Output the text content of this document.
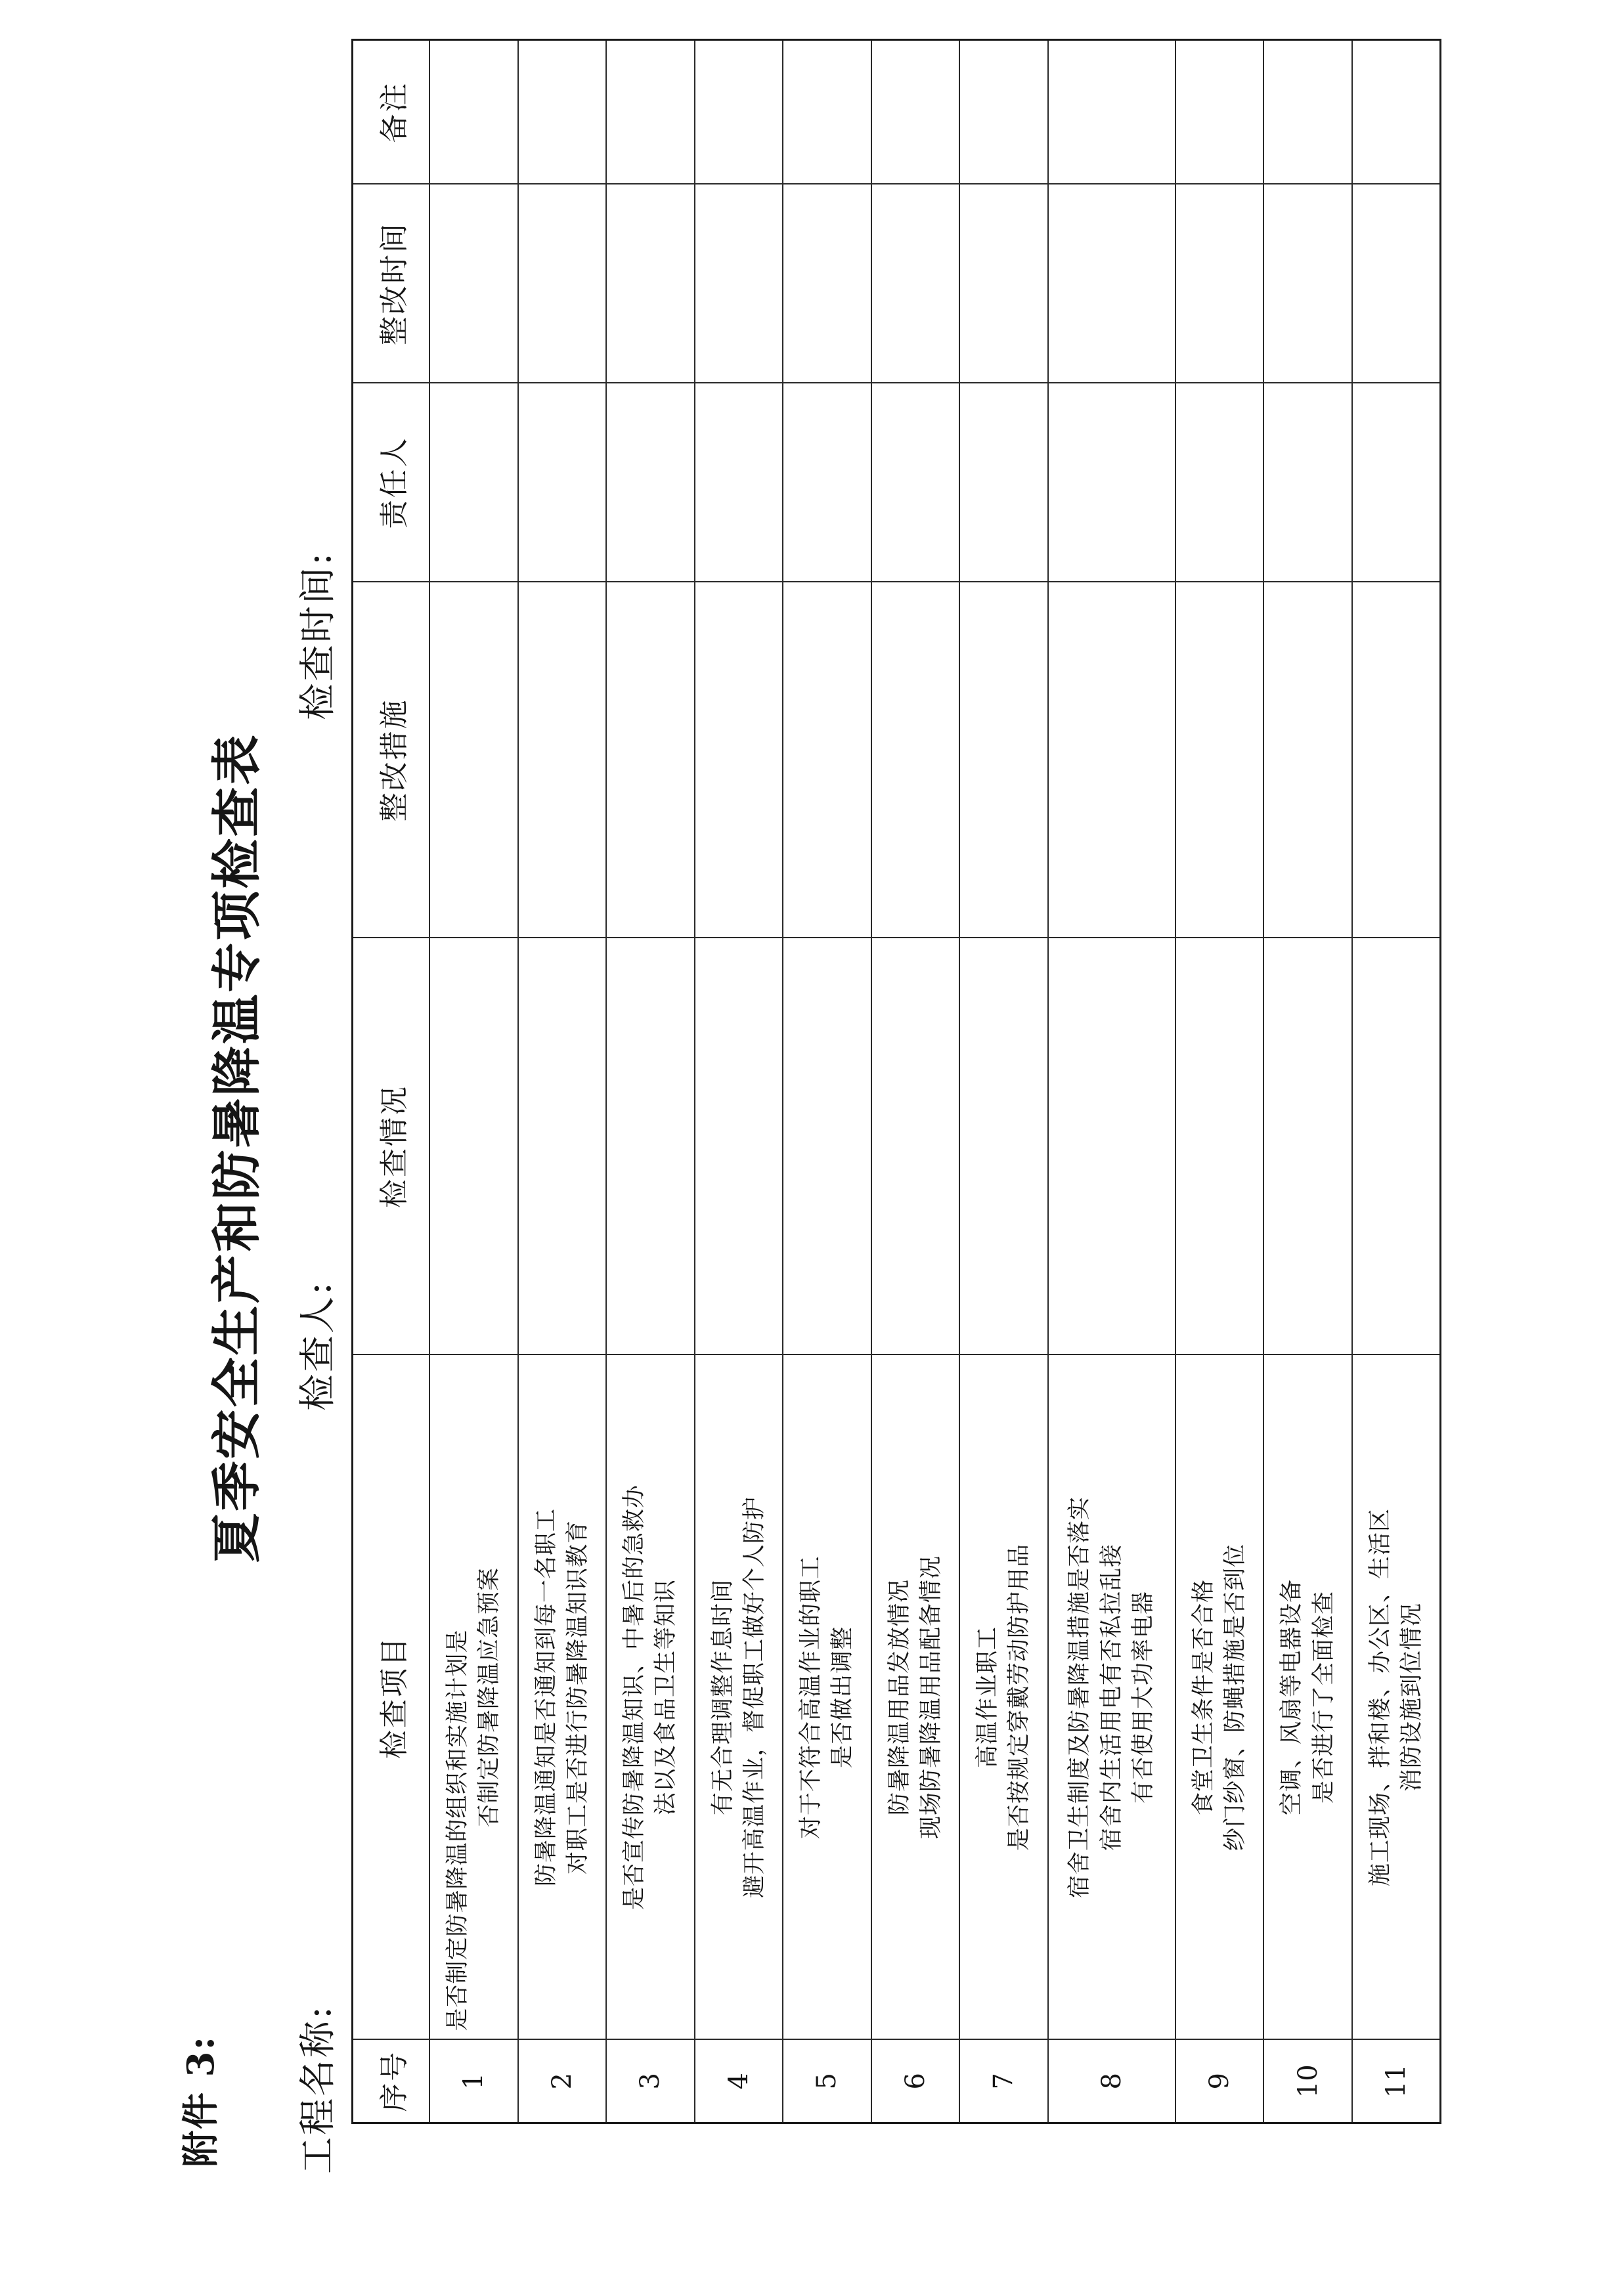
附件 3:
夏季安全生产和防暑降温专项检查表
工程名称:
检查人:
检查时间:
序号	检查项目	检查情况	整改措施	责任人	整改时间	备注
1	是否制定防暑降温的组织和实施计划是 否制定防暑降温应急预案					

2	防暑降温通知是否通知到每一名职工 对职工是否进行防暑降温知识教育					

3	是否宣传防暑降温知识、中暑后的急救办 法以及食品卫生等知识					

4	有无合理调整作息时间 避开高温作业，督促职工做好个人防护					

5	对于不符合高温作业的职工 是否做出调整					

6	防暑降温用品发放情况 现场防暑降温用品配备情况					

7	高温作业职工 是否按规定穿戴劳动防护用品					

8	宿舍卫生制度及防暑降温措施是否落实 宿舍内生活用电有否私拉乱接 有否使用大功率电器					

9	食堂卫生条件是否合格 纱门纱窗、防蝇措施是否到位					

10	空调、风扇等电器设备 是否进行了全面检查					

11	施工现场、拌和楼、办公区、生活区 消防设施到位情况					
